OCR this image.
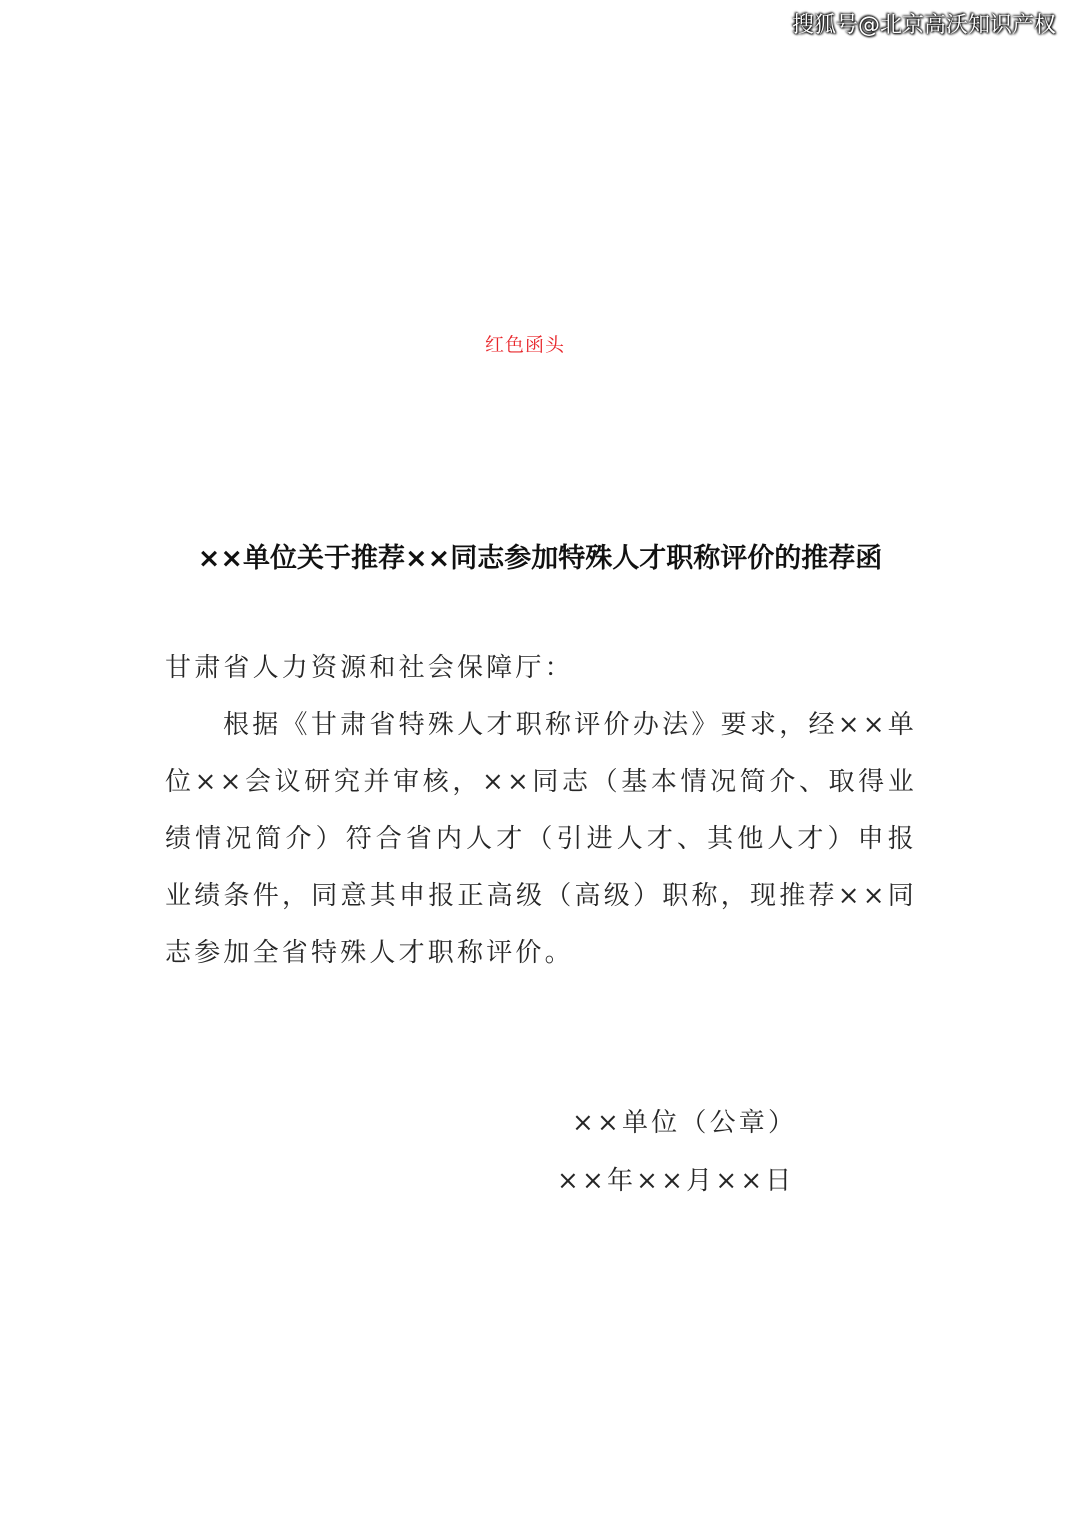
搜狐号@北京高沃知识产权
红色函头
××单位关于推荐××同志参加特殊人才职称评价的推荐函
甘肃省人力资源和社会保障厅：
根据《甘肃省特殊人才职称评价办法》要求，经××单位××会议研究并审核，××同志（基本情况简介、取得业绩情况简介）符合省内人才（引进人才、其他人才）申报业绩条件，同意其申报正高级（高级）职称，现推荐××同志参加全省特殊人才职称评价。
××单位（公章）
××年××月××日
